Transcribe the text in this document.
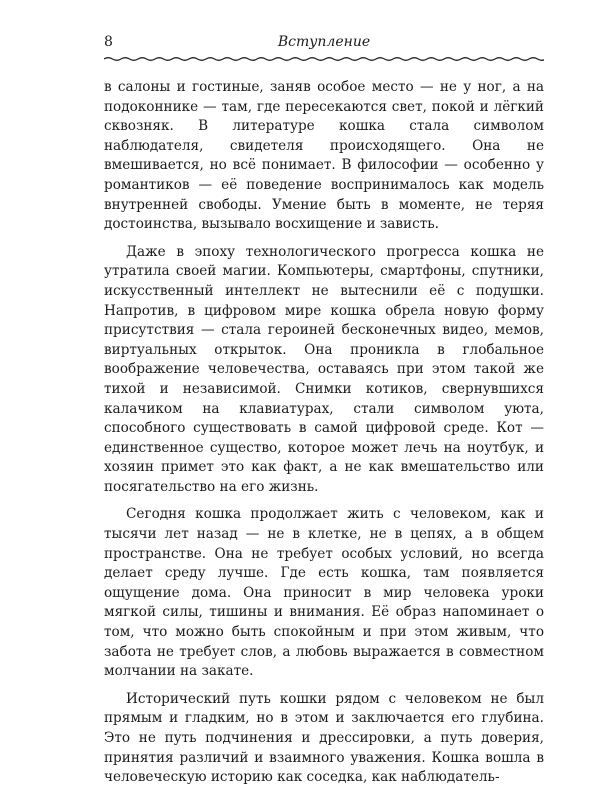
8	Вступление

в салоны и гостиные, заняв особое место — не у ног, а на подоконнике — там, где пересекаются свет, покой и лёгкий сквозняк. В литературе кошка стала символом наблюдателя, свидетеля происходящего. Она не вмешивается, но всё понимает. В философии — особенно у романтиков — её поведение воспринималось как модель внутренней свободы. Умение быть в моменте, не теряя достоинства, вызывало восхищение и зависть.

Даже в эпоху технологического прогресса кошка не утратила своей магии. Компьютеры, смартфоны, спутники, искусственный интеллект не вытеснили её с подушки. Напротив, в цифровом мире кошка обрела новую форму присутствия — стала героиней бесконечных видео, мемов, виртуальных открыток. Она проникла в глобальное воображение человечества, оставаясь при этом такой же тихой и независимой. Снимки котиков, свернувшихся калачиком на клавиатурах, стали символом уюта, способного существовать в самой цифровой среде. Кот — единственное существо, которое может лечь на ноутбук, и хозяин примет это как факт, а не как вмешательство или посягательство на его жизнь.

Сегодня кошка продолжает жить с человеком, как и тысячи лет назад — не в клетке, не в цепях, а в общем пространстве. Она не требует особых условий, но всегда делает среду лучше. Где есть кошка, там появляется ощущение дома. Она приносит в мир человека уроки мягкой силы, тишины и внимания. Её образ напоминает о том, что можно быть спокойным и при этом живым, что забота не требует слов, а любовь выражается в совместном молчании на закате.

Исторический путь кошки рядом с человеком не был прямым и гладким, но в этом и заключается его глубина. Это не путь подчинения и дрессировки, а путь доверия, принятия различий и взаимного уважения. Кошка вошла в человеческую историю как соседка, как наблюдатель-
